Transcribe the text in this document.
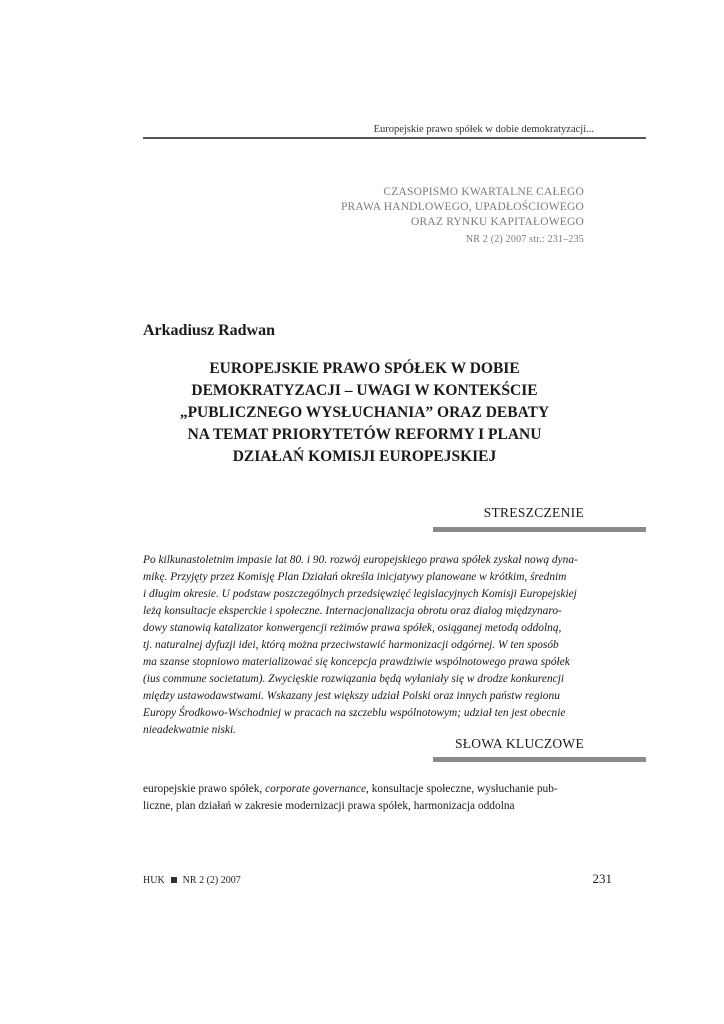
Europejskie prawo spółek w dobie demokratyzacji...
CZASOPISMO KWARTALNE CAŁEGO
PRAWA HANDLOWEGO, UPADŁOŚCIOWEGO
ORAZ RYNKU KAPITAŁOWEGO
NR 2 (2) 2007 str.: 231–235
Arkadiusz Radwan
EUROPEJSKIE PRAWO SPÓŁEK W DOBIE
DEMOKRATYZACJI – UWAGI W KONTEKŚCIE
„PUBLICZNEGO WYSŁUCHANIA” ORAZ DEBATY
NA TEMAT PRIORYTETÓW REFORMY I PLANU
DZIAŁAŃ KOMISJI EUROPEJSKIEJ
STRESZCZENIE
Po kilkunastoletnim impasie lat 80. i 90. rozwój europejskiego prawa spółek zyskał nową dyna-
mikę. Przyjęty przez Komisję Plan Działań określa inicjatywy planowane w krótkim, średnim
i długim okresie. U podstaw poszczególnych przedsięwzięć legislacyjnych Komisji Europejskiej
leżą konsultacje eksperckie i społeczne. Internacjonalizacja obrotu oraz dialog międzynaro-
dowy stanowią katalizator konwergencji reżimów prawa spółek, osiąganej metodą oddolną,
tj. naturalnej dyfuzji idei, którą można przeciwstawić harmonizacji odgórnej. W ten sposób
ma szanse stopniowo materializować się koncepcja prawdziwie wspólnotowego prawa spółek
(ius commune societatum). Zwycięskie rozwiązania będą wyłaniały się w drodze konkurencji
między ustawodawstwami. Wskazany jest większy udział Polski oraz innych państw regionu
Europy Środkowo-Wschodniej w pracach na szczeblu wspólnotowym; udział ten jest obecnie
nieadekwatnie niski.
SŁOWA KLUCZOWE
europejskie prawo spółek, corporate governance, konsultacje społeczne, wysłuchanie pub-
liczne, plan działań w zakresie modernizacji prawa spółek, harmonizacja oddolna
HUK NR 2 (2) 2007	231
